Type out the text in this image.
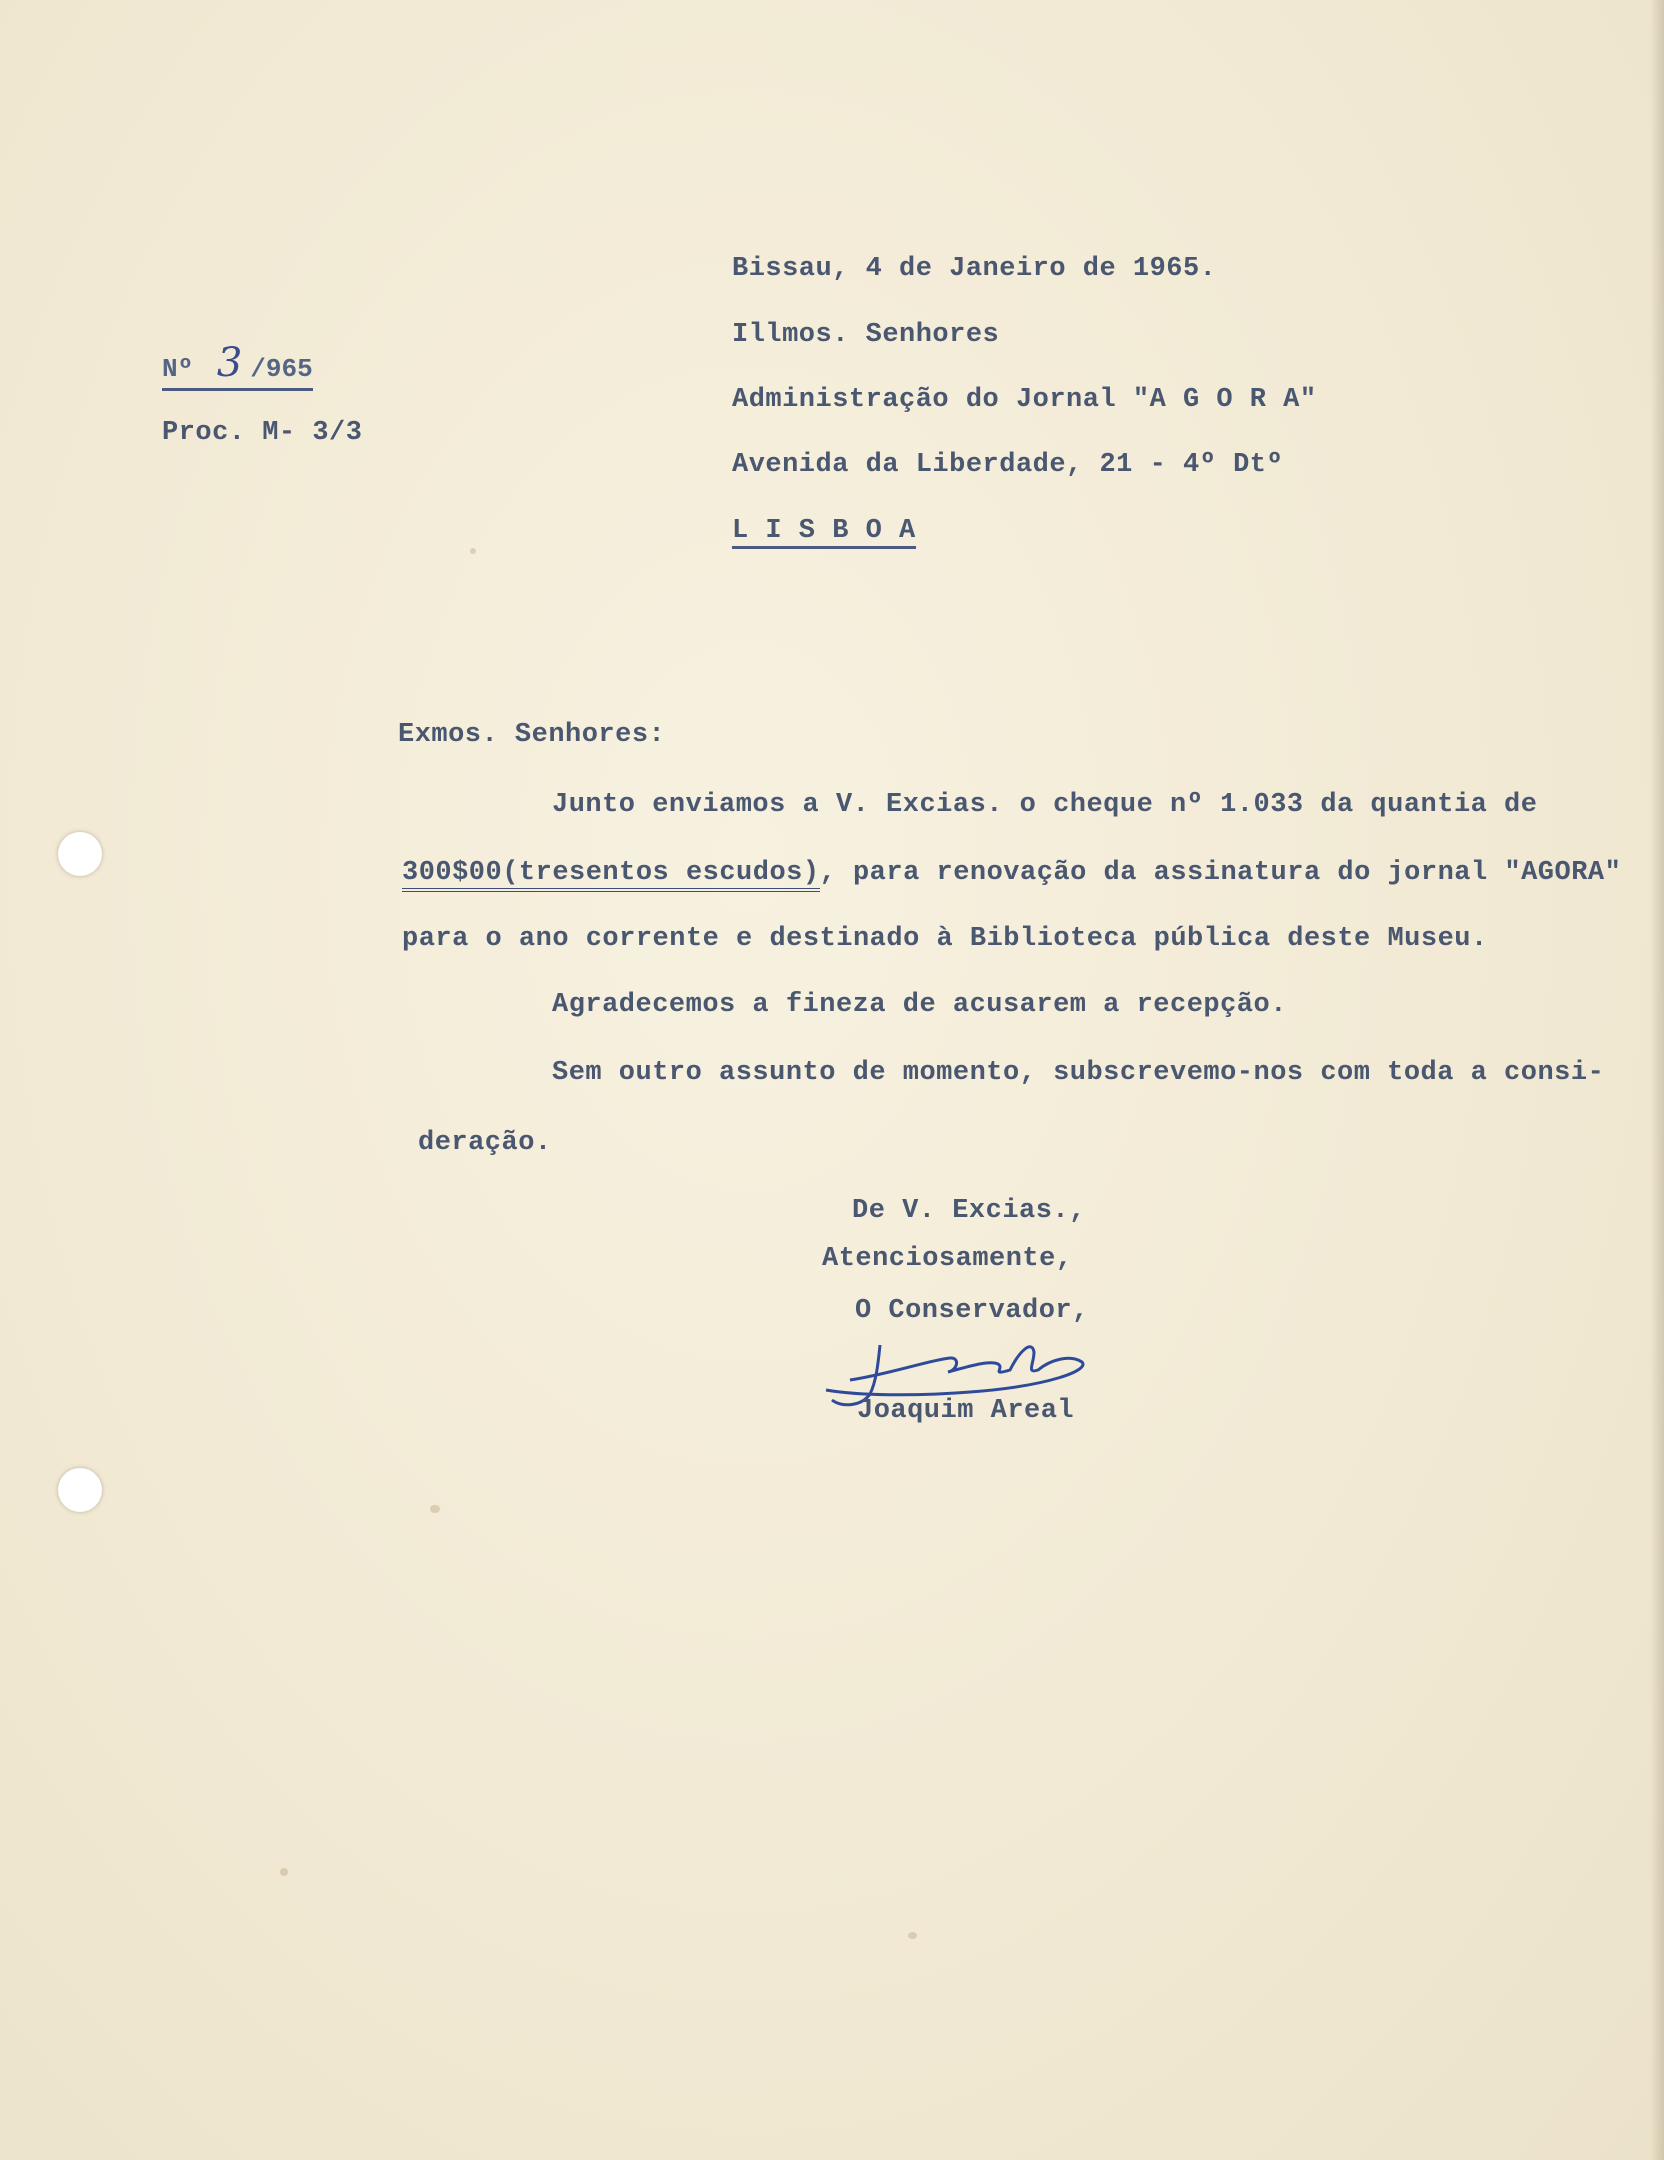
Nº 3 /965
Proc. M- 3/3
Bissau, 4 de Janeiro de 1965.
Illmos. Senhores
Administração do Jornal "A G O R A"
Avenida da Liberdade, 21 - 4º Dtº
L I S B O A
Exmos. Senhores:
Junto enviamos a V. Excias. o cheque nº 1.033 da quantia de
300$00(tresentos escudos), para renovação da assinatura do jornal "AGORA"
para o ano corrente e destinado à Biblioteca pública deste Museu.
Agradecemos a fineza de acusarem a recepção.
Sem outro assunto de momento, subscrevemo-nos com toda a consi-
deração.
De V. Excias.,
Atenciosamente,
O Conservador,
Joaquim Areal
